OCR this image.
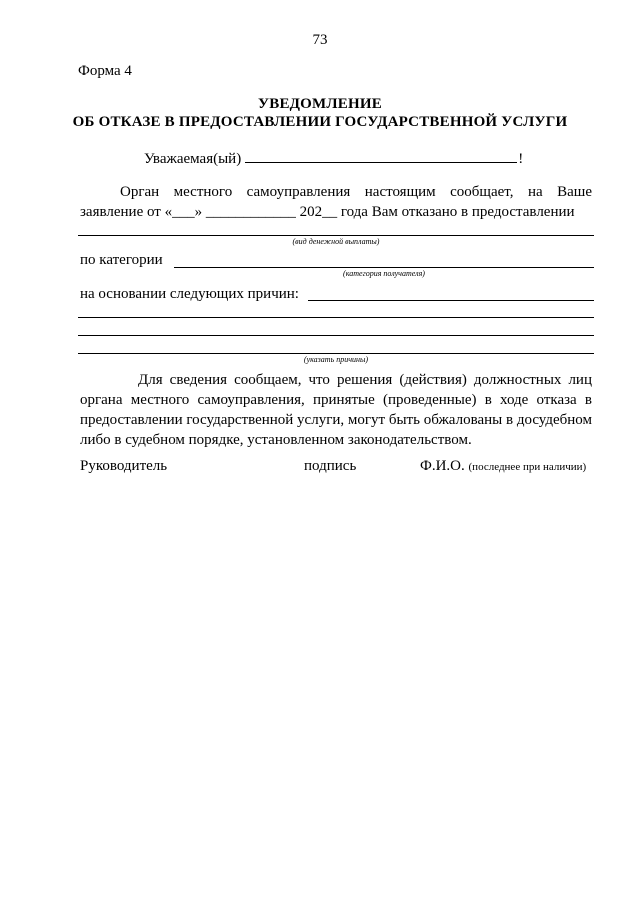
73
Форма 4
УВЕДОМЛЕНИЕ
ОБ ОТКАЗЕ В ПРЕДОСТАВЛЕНИИ ГОСУДАРСТВЕННОЙ УСЛУГИ
Уважаемая(ый)	!
Орган местного самоуправления настоящим сообщает, на Ваше
заявление от «___» ____________ 202__ года Вам отказано в предоставлении
(вид денежной выплаты)
по категории
(категория получателя)
на основании следующих причин:
(указать причины)
Для сведения сообщаем, что решения (действия) должностных лиц органа местного самоуправления, принятые (проведенные) в ходе отказа в предоставлении государственной услуги, могут быть обжалованы в досудебном либо в судебном порядке, установленном законодательством.
Руководитель	подпись	Ф.И.О. (последнее при наличии)
